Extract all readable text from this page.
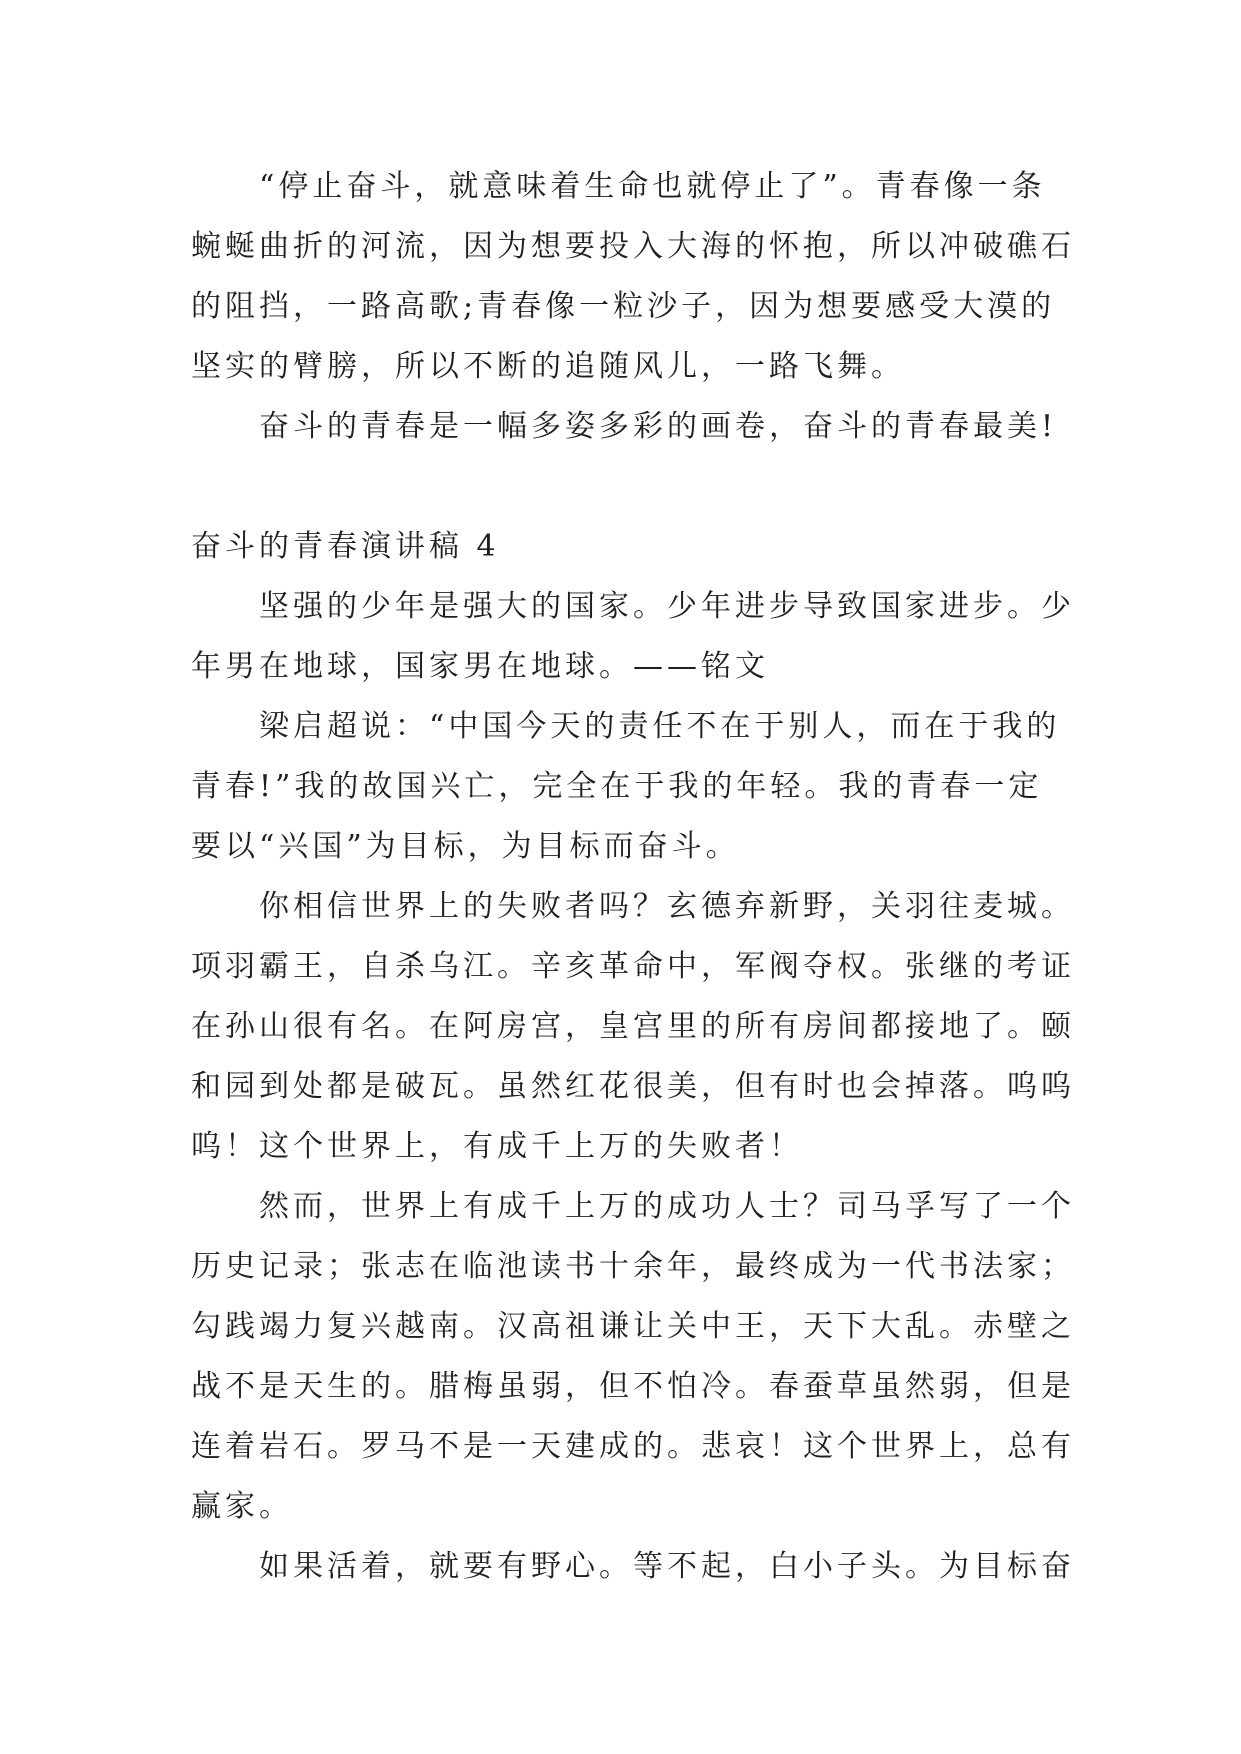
“停止奋斗，就意味着生命也就停止了”。青春像一条
蜿蜒曲折的河流，因为想要投入大海的怀抱，所以冲破礁石
的阻挡，一路高歌;青春像一粒沙子，因为想要感受大漠的
坚实的臂膀，所以不断的追随风儿，一路飞舞。

奋斗的青春是一幅多姿多彩的画卷，奋斗的青春最美!

奋斗的青春演讲稿 4

坚强的少年是强大的国家。少年进步导致国家进步。少
年男在地球，国家男在地球。——铭文

梁启超说：“中国今天的责任不在于别人，而在于我的
青春!”我的故国兴亡，完全在于我的年轻。我的青春一定
要以“兴国”为目标，为目标而奋斗。

你相信世界上的失败者吗？玄德弃新野，关羽往麦城。
项羽霸王，自杀乌江。辛亥革命中，军阀夺权。张继的考证
在孙山很有名。在阿房宫，皇宫里的所有房间都接地了。颐
和园到处都是破瓦。虽然红花很美，但有时也会掉落。呜呜
呜！这个世界上，有成千上万的失败者！

然而，世界上有成千上万的成功人士？司马孚写了一个
历史记录；张志在临池读书十余年，最终成为一代书法家；
勾践竭力复兴越南。汉高祖谦让关中王，天下大乱。赤壁之
战不是天生的。腊梅虽弱，但不怕冷。春蚕草虽然弱，但是
连着岩石。罗马不是一天建成的。悲哀！这个世界上，总有
赢家。

如果活着，就要有野心。等不起，白小子头。为目标奋
